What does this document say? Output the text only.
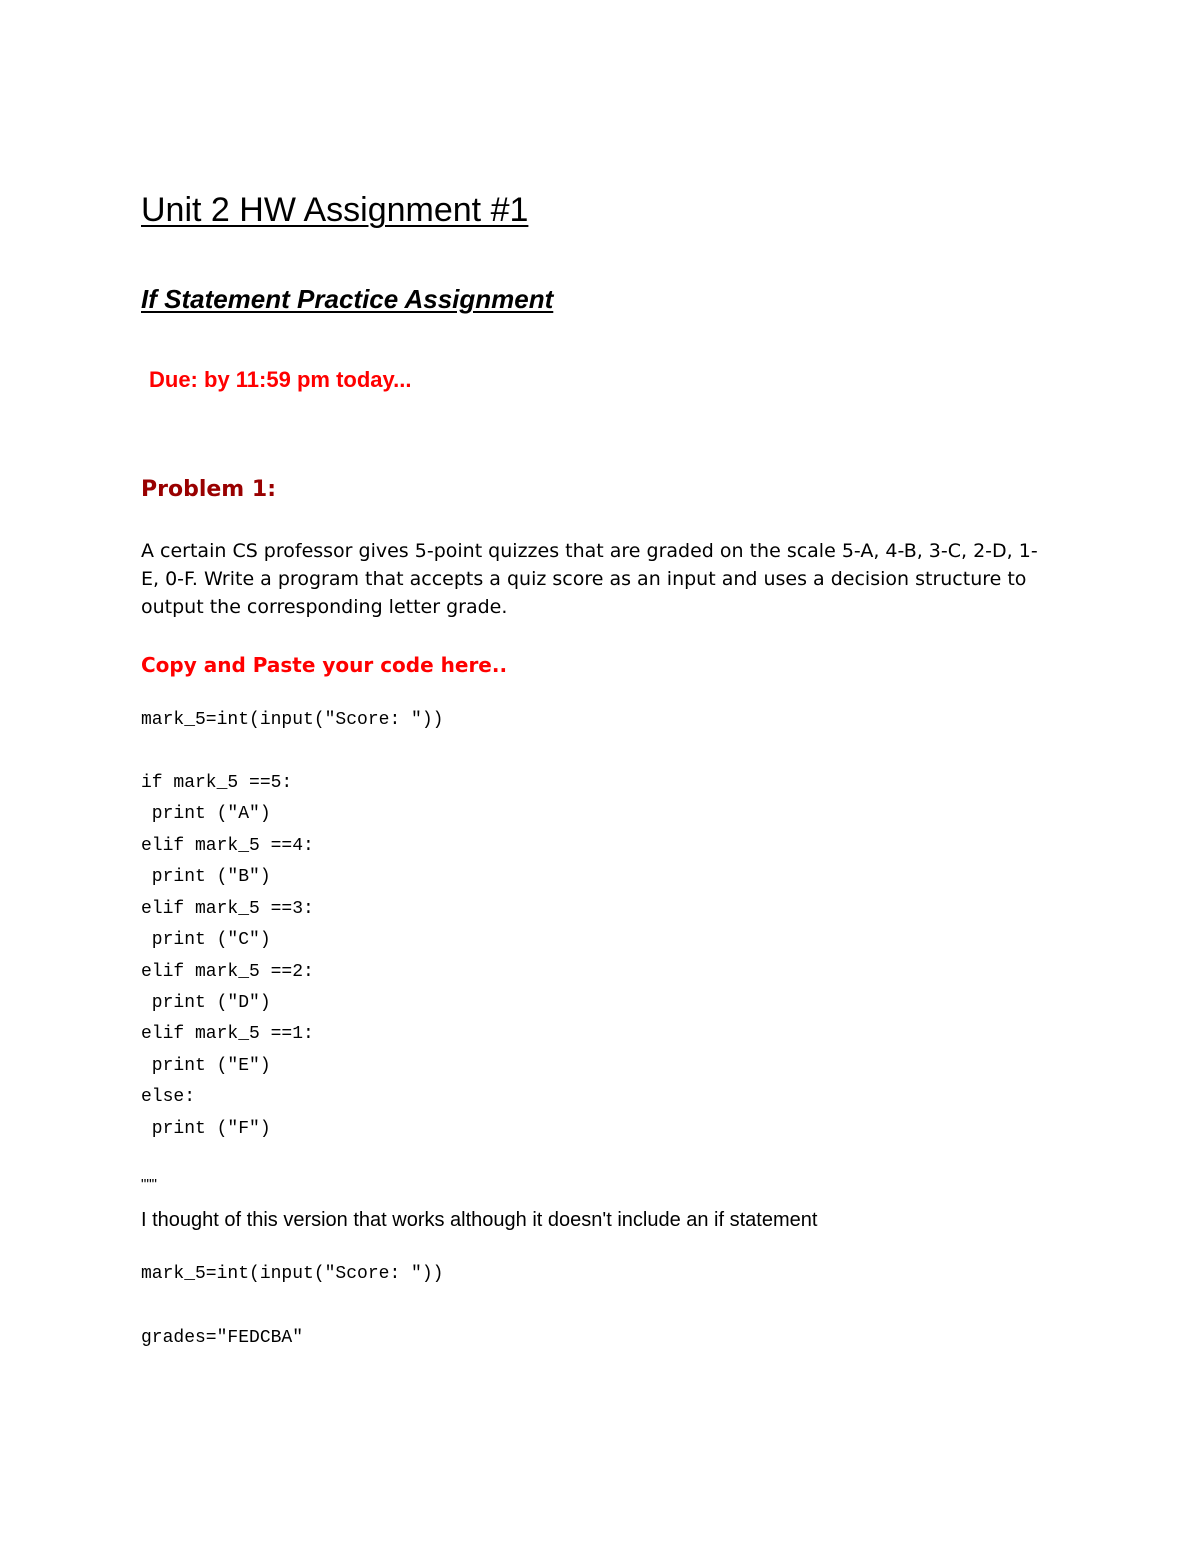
Unit 2 HW Assignment #1
If Statement Practice Assignment
Due: by 11:59 pm today...
Problem 1:

A certain CS professor gives 5-point quizzes that are graded on the scale 5-A, 4-B, 3-C, 2-D, 1-E, 0-F. Write a program that accepts a quiz score as an input and uses a decision structure to output the corresponding letter grade.

Copy and Paste your code here..
mark_5=int(input("Score: "))
if mark_5 ==5:
print ("A")
elif mark_5 ==4:
print ("B")
elif mark_5 ==3:
print ("C")
elif mark_5 ==2:
print ("D")
elif mark_5 ==1:
print ("E")
else:
print ("F")
"""
I thought of this version that works although it doesn't include an if statement
mark_5=int(input("Score: "))
grades="FEDCBA"
